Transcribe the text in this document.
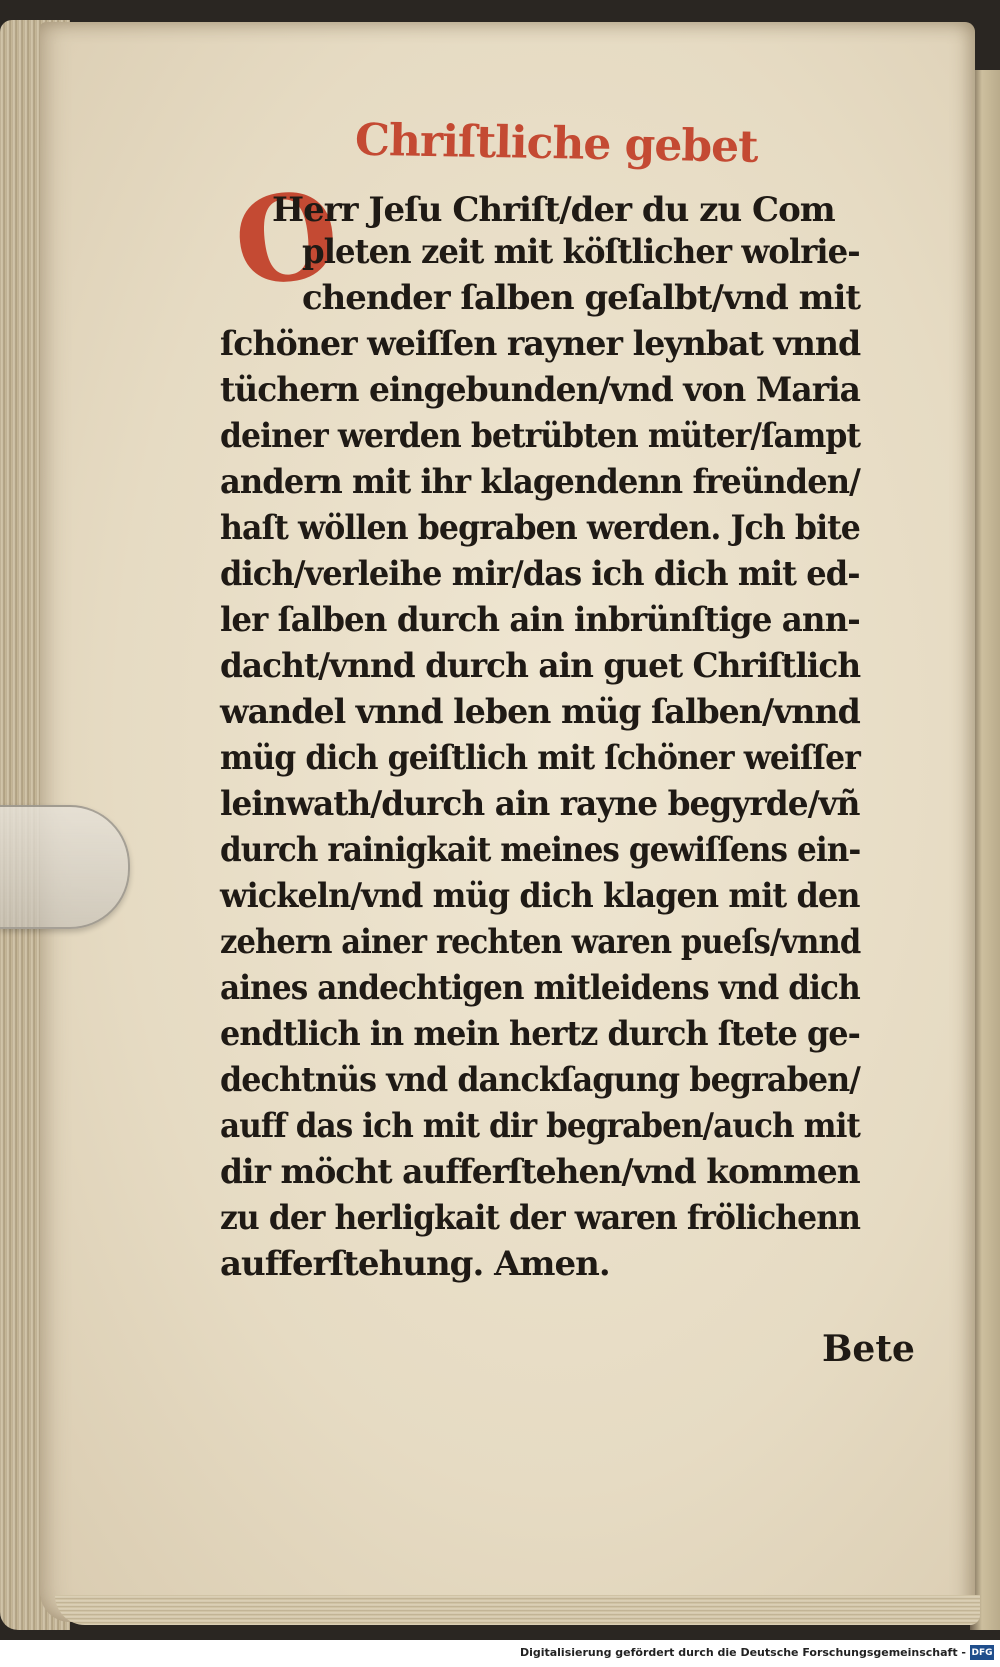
Chriſtliche gebet
O
Herr Jeſu Chriſt/der du zu Com
pleten zeit mit köſtlicher wolrie-
chender ſalben geſalbt/vnd mit
ſchöner weiſſen rayner leynbat vnnd
tüchern eingebunden/vnd von Maria
deiner werden betrübten müter/ſampt
andern mit ihr klagendenn freünden/
haſt wöllen begraben werden. Jch bite
dich/verleihe mir/das ich dich mit ed-
ler ſalben durch ain inbrünſtige ann-
dacht/vnnd durch ain guet Chriſtlich
wandel vnnd leben müg ſalben/vnnd
müg dich geiſtlich mit ſchöner weiſſer
leinwath/durch ain rayne begyrde/vñ
durch rainigkait meines gewiſſens ein-
wickeln/vnd müg dich klagen mit den
zehern ainer rechten waren pueſs/vnnd
aines andechtigen mitleidens vnd dich
endtlich in mein hertz durch ſtete ge-
dechtnüs vnd danckſagung begraben/
auff das ich mit dir begraben/auch mit
dir möcht aufferſtehen/vnd kommen
zu der herligkait der waren frölichenn
aufferſtehung. Amen.
Bete
Digitalisierung gefördert durch die Deutsche Forschungsgemeinschaft - DFG
